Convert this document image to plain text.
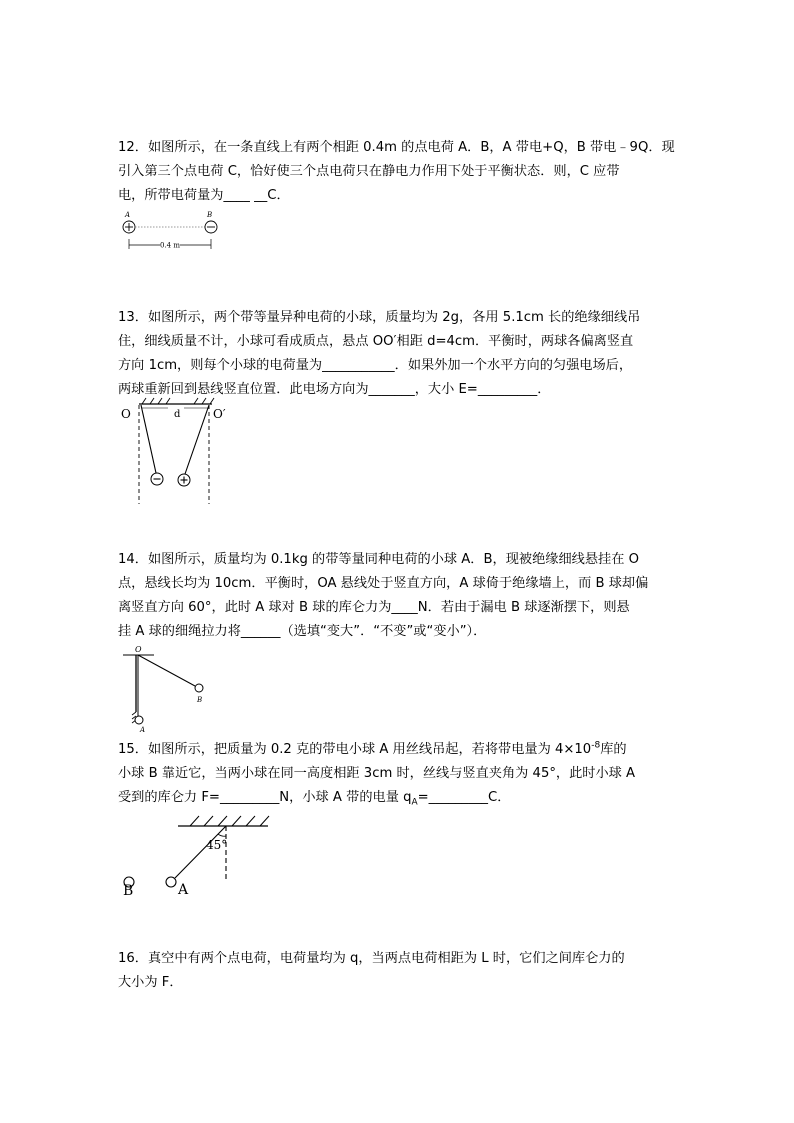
12．如图所示，在一条直线上有两个相距 0.4m 的点电荷 A．B，A 带电+Q，B 带电﹣9Q．现

引入第三个点电荷 C，恰好使三个点电荷只在静电力作用下处于平衡状态．则，C 应带

电，所带电荷量为____ __C．

A	B
0.4 m

13．如图所示，两个带等量异种电荷的小球，质量均为 2g，各用 5.1cm 长的绝缘细线吊

住，细线质量不计，小球可看成质点，悬点 OO′相距 d=4cm．平衡时，两球各偏离竖直

方向 1cm，则每个小球的电荷量为___________．如果外加一个水平方向的匀强电场后，

两球重新回到悬线竖直位置．此电场方向为_______，大小 E=_________．

O	O′
d

14．如图所示，质量均为 0.1kg 的带等量同种电荷的小球 A．B，现被绝缘细线悬挂在 O

点，悬线长均为 10cm．平衡时，OA 悬线处于竖直方向，A 球倚于绝缘墙上，而 B 球却偏

离竖直方向 60°，此时 A 球对 B 球的库仑力为____N．若由于漏电 B 球逐渐摆下，则悬

挂 A 球的细绳拉力将______（选填“变大”．“不变”或“变小”）．

O
A
B

15．如图所示，把质量为 0.2 克的带电小球 A 用丝线吊起，若将带电量为 $4\times 10^{-8}$库的

小球 B 靠近它，当两小球在同一高度相距 3cm 时，丝线与竖直夹角为 45°，此时小球 A

受到的库仑力 F=_________N，小球 A 带的电量 $q_A=\_\_\_\_\_\_\_\_\_C$．

45°
A
B

16．真空中有两个点电荷，电荷量均为 q，当两点电荷相距为 L 时，它们之间库仑力的

大小为 F．
